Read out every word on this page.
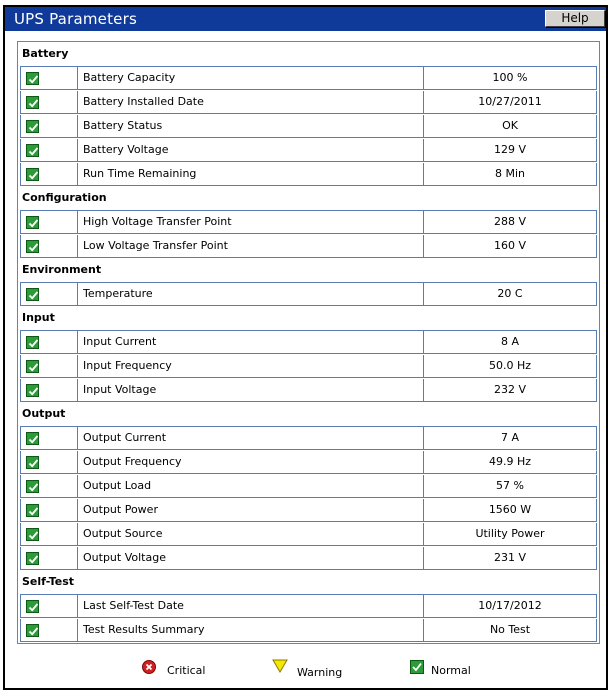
UPS Parameters	Help
Battery
Battery Capacity	100 %
Battery Installed Date	10/27/2011
Battery Status	OK
Battery Voltage	129 V
Run Time Remaining	8 Min
Configuration
High Voltage Transfer Point	288 V
Low Voltage Transfer Point	160 V
Environment
Temperature	20 C
Input
Input Current	8 A
Input Frequency	50.0 Hz
Input Voltage	232 V
Output
Output Current	7 A
Output Frequency	49.9 Hz
Output Load	57 %
Output Power	1560 W
Output Source	Utility Power
Output Voltage	231 V
Self-Test
Last Self-Test Date	10/17/2012
Test Results Summary	No Test
Critical	Warning	Normal
